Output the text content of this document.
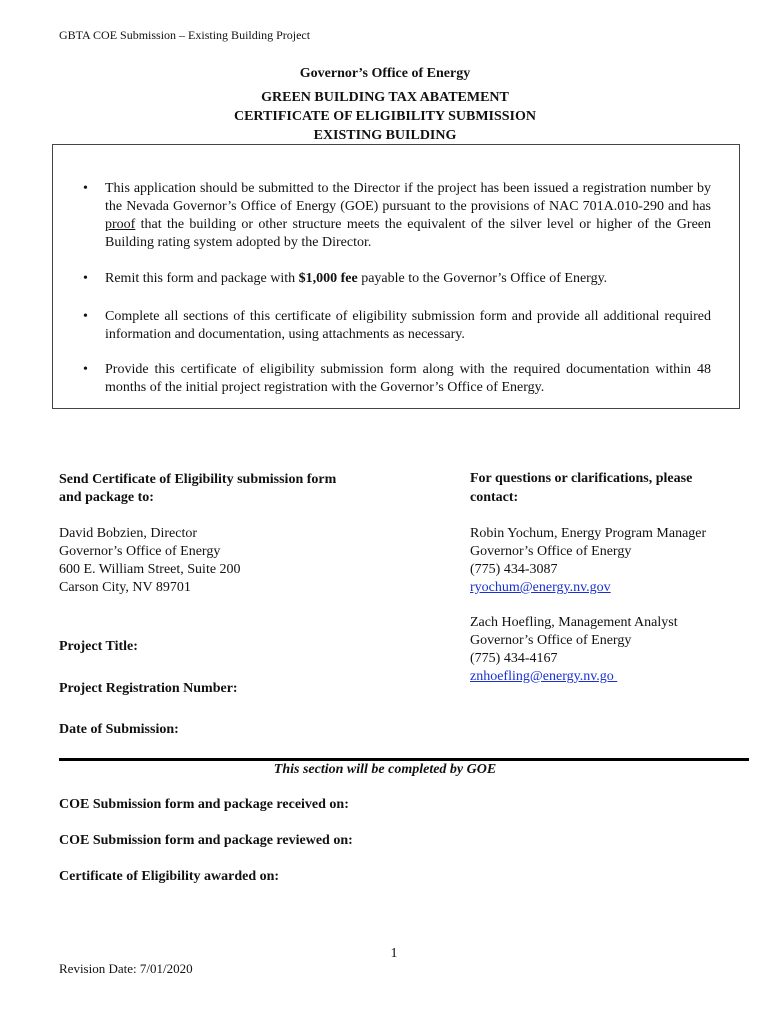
GBTA COE Submission – Existing Building Project
Governor’s Office of Energy
GREEN BUILDING TAX ABATEMENT
CERTIFICATE OF ELIGIBILITY SUBMISSION
EXISTING BUILDING
• This application should be submitted to the Director if the project has been issued a registration number by the Nevada Governor’s Office of Energy (GOE) pursuant to the provisions of NAC 701A.010-290 and has proof that the building or other structure meets the equivalent of the silver level or higher of the Green Building rating system adopted by the Director.
• Remit this form and package with $1,000 fee payable to the Governor’s Office of Energy.
• Complete all sections of this certificate of eligibility submission form and provide all additional required information and documentation, using attachments as necessary.
• Provide this certificate of eligibility submission form along with the required documentation within 48 months of the initial project registration with the Governor’s Office of Energy.
Send Certificate of Eligibility submission form
and package to:
David Bobzien, Director
Governor’s Office of Energy
600 E. William Street, Suite 200
Carson City, NV 89701
For questions or clarifications, please
contact:
Robin Yochum, Energy Program Manager
Governor’s Office of Energy
(775) 434-3087
ryochum@energy.nv.gov
Zach Hoefling, Management Analyst
Governor’s Office of Energy
(775) 434-4167
znhoefling@energy.nv.go
Project Title:
Project Registration Number:
Date of Submission:
This section will be completed by GOE
COE Submission form and package received on:
COE Submission form and package reviewed on:
Certificate of Eligibility awarded on:
1
Revision Date: 7/01/2020
